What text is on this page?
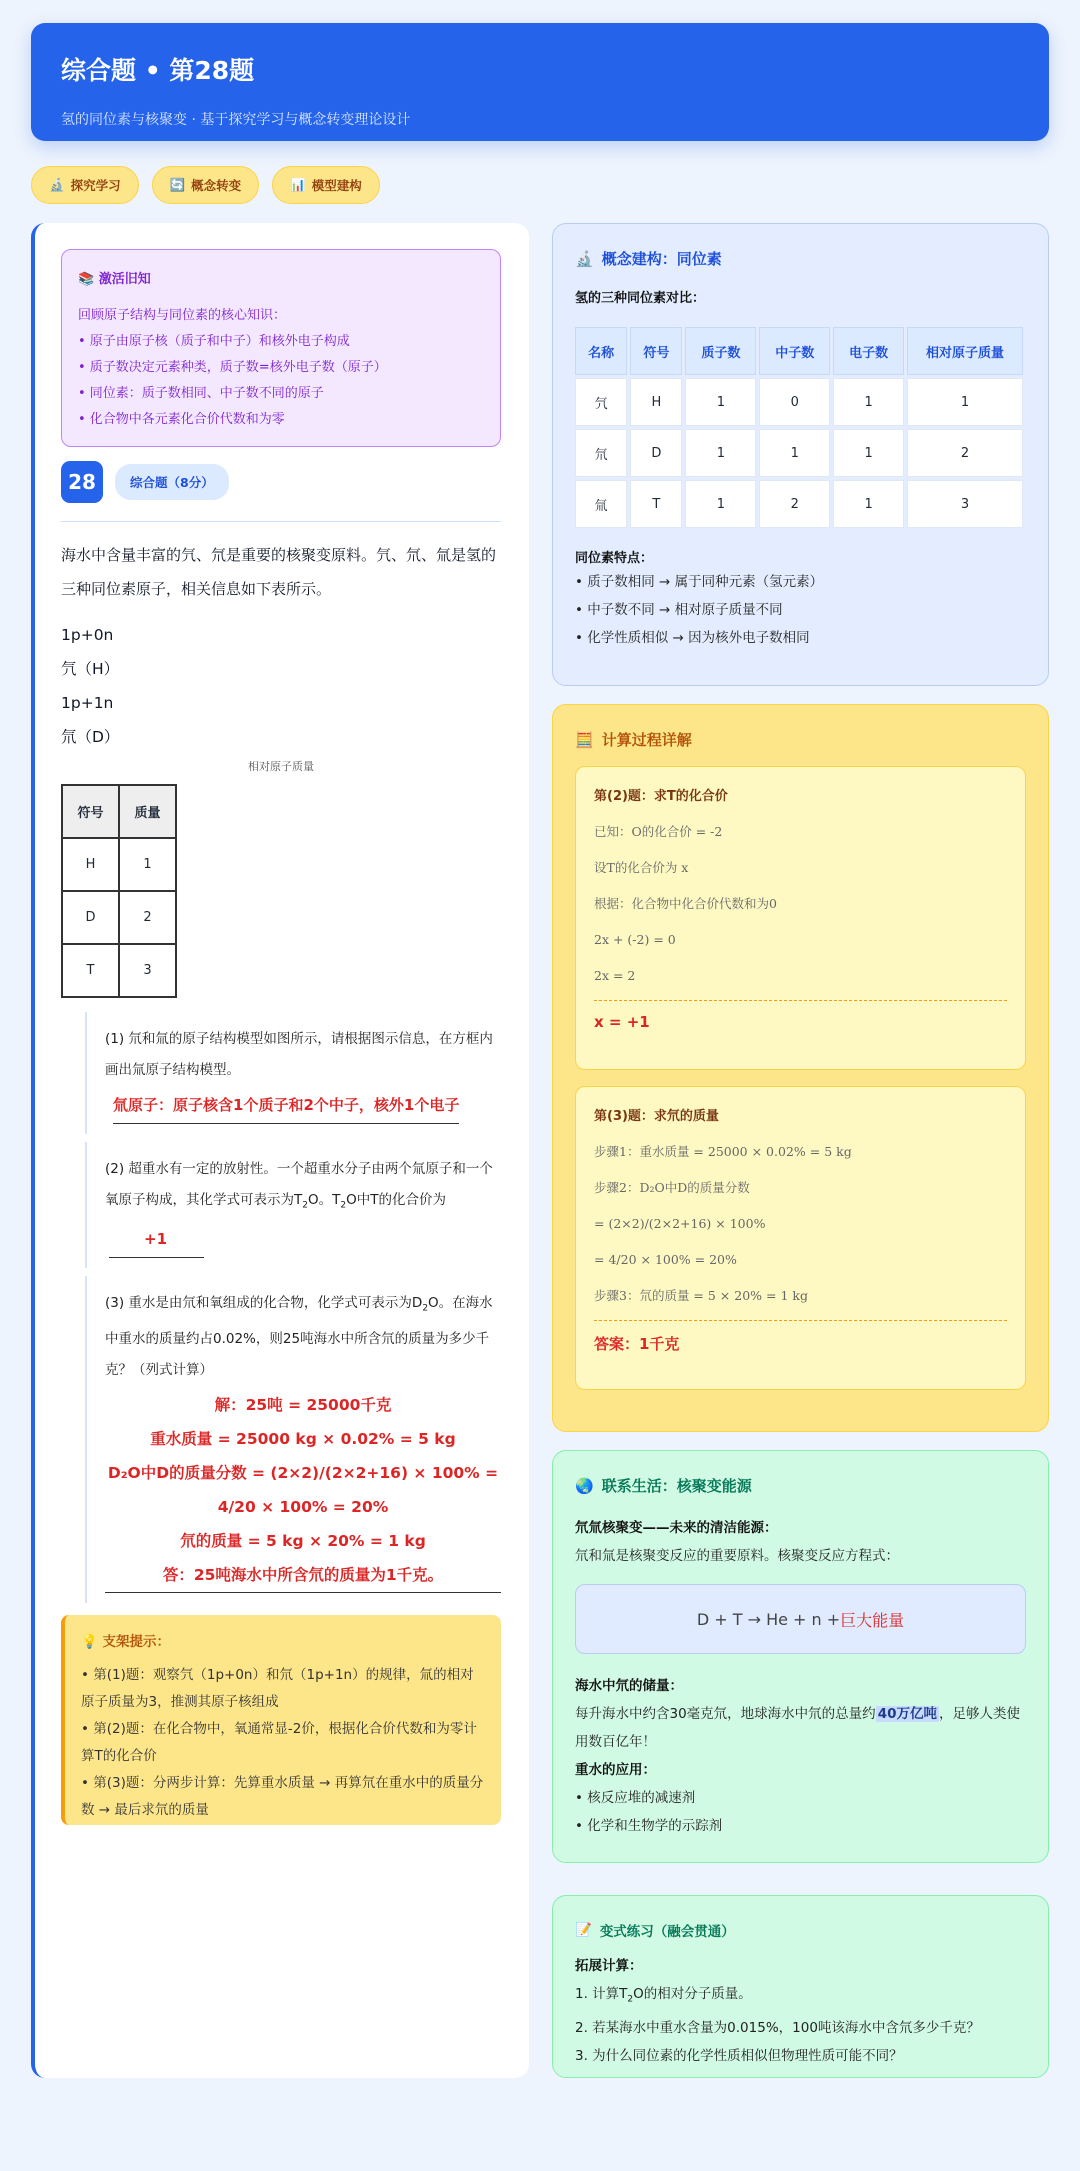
综合题 • 第28题

氢的同位素与核聚变 · 基于探究学习与概念转变理论设计

🔬 探究学习	🔄 概念转变	📊 模型建构
📚 激活旧知
回顾原子结构与同位素的核心知识：
• 原子由原子核（质子和中子）和核外电子构成
• 质子数决定元素种类，质子数=核外电子数（原子）
• 同位素：质子数相同、中子数不同的原子
• 化合物中各元素化合价代数和为零
28	综合题（8分）
海水中含量丰富的氕、氘是重要的核聚变原料。氕、氘、氚是氢的三种同位素原子，相关信息如下表所示。
1p+0n
氕（H）
1p+1n
氘（D）
相对原子质量
符号	质量
H	1
D	2
T	3
(1) 氘和氚的原子结构模型如图所示，请根据图示信息，在方框内画出氚原子结构模型。
氚原子：原子核含1个质子和2个中子，核外1个电子
(2) 超重水有一定的放射性。一个超重水分子由两个氚原子和一个氧原子构成，其化学式可表示为$T_2O$。$T_2O$中T的化合价为
+1
(3) 重水是由氘和氧组成的化合物，化学式可表示为$D_2O$。在海水中重水的质量约占0.02%，则25吨海水中所含氘的质量为多少千克？（列式计算）
解：25吨 = 25000千克
重水质量 = 25000 kg × 0.02% = 5 kg
D₂O中D的质量分数 = (2×2)/(2×2+16) × 100% =
4/20 × 100% = 20%
氘的质量 = 5 kg × 20% = 1 kg
答：25吨海水中所含氘的质量为1千克。
💡 支架提示：
• 第(1)题：观察氕（1p+0n）和氘（1p+1n）的规律，氚的相对原子质量为3，推测其原子核组成
• 第(2)题：在化合物中，氧通常显-2价，根据化合价代数和为零计算T的化合价
• 第(3)题：分两步计算：先算重水质量 → 再算氘在重水中的质量分数 → 最后求氘的质量
🔬 概念建构：同位素
氢的三种同位素对比：
名称	符号	质子数	中子数	电子数	相对原子质量
氕	H	1	0	1	1
氘	D	1	1	1	2
氚	T	1	2	1	3
同位素特点：
• 质子数相同 → 属于同种元素（氢元素）
• 中子数不同 → 相对原子质量不同
• 化学性质相似 → 因为核外电子数相同
🧮 计算过程详解
第(2)题：求T的化合价
已知：O的化合价 = -2
设T的化合价为 x
根据：化合物中化合价代数和为0
2x + (-2) = 0
2x = 2
x = +1
第(3)题：求氘的质量
步骤1：重水质量 = 25000 × 0.02% = 5 kg
步骤2：D₂O中D的质量分数
= (2×2)/(2×2+16) × 100%
= 4/20 × 100% = 20%
步骤3：氘的质量 = 5 × 20% = 1 kg
答案：1千克
🌏 联系生活：核聚变能源
氘氚核聚变——未来的清洁能源：
氘和氚是核聚变反应的重要原料。核聚变反应方程式：
D + T → He + n + 巨大能量
海水中氘的储量：
每升海水中约含30毫克氘，地球海水中氘的总量约 40万亿吨 ，足够人类使用数百亿年！
重水的应用：
• 核反应堆的减速剂
• 化学和生物学的示踪剂
📝 变式练习（融会贯通）
拓展计算：
1. 计算$T_2O$的相对分子质量。
2. 若某海水中重水含量为0.015%，100吨该海水中含氘多少千克？
3. 为什么同位素的化学性质相似但物理性质可能不同？
